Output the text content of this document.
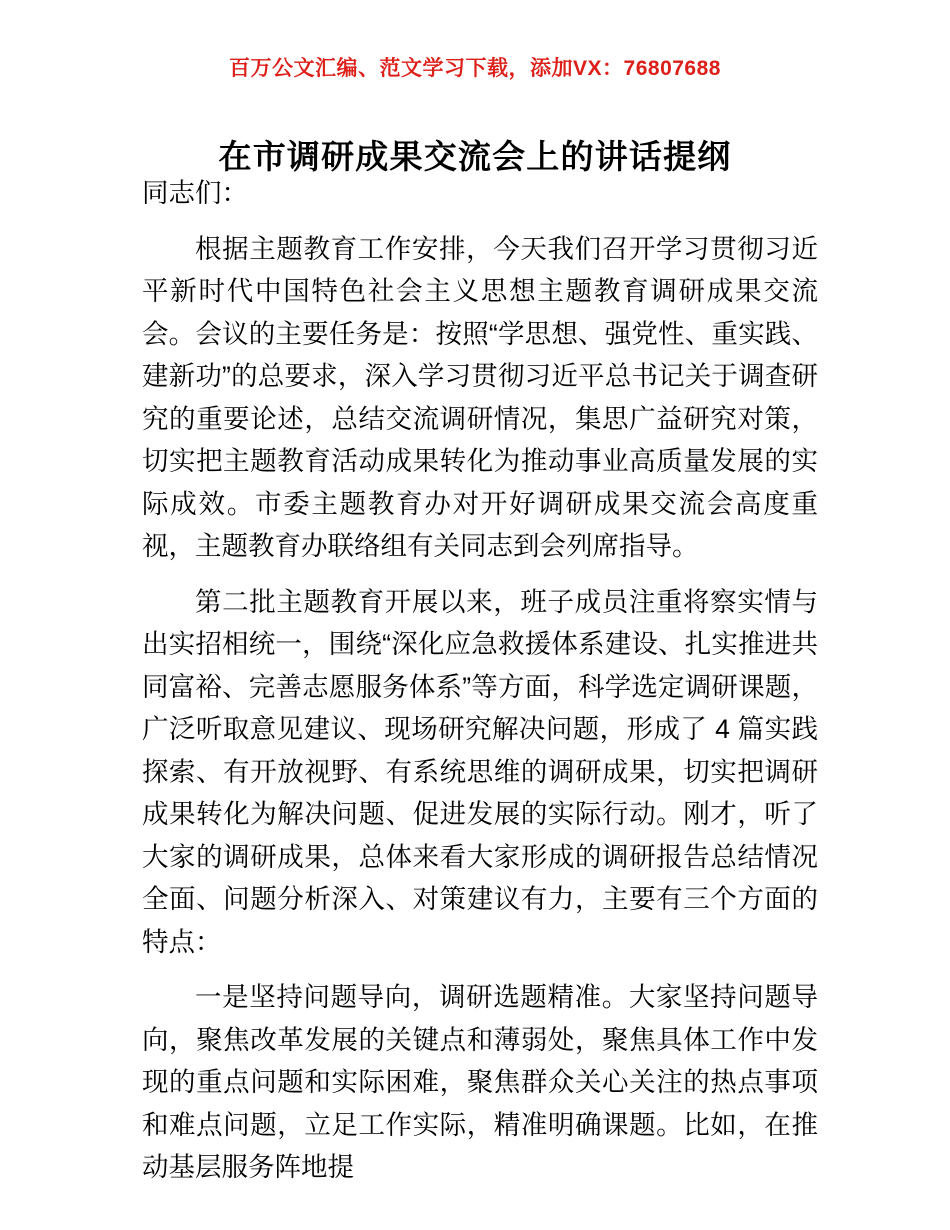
百万公文汇编、范文学习下载，添加VX：76807688
在市调研成果交流会上的讲话提纲

同志们：

根据主题教育工作安排，今天我们召开学习贯彻习近平新时代中国特色社会主义思想主题教育调研成果交流会。会议的主要任务是：按照“学思想、强党性、重实践、建新功”的总要求，深入学习贯彻习近平总书记关于调查研究的重要论述，总结交流调研情况，集思广益研究对策，切实把主题教育活动成果转化为推动事业高质量发展的实际成效。市委主题教育办对开好调研成果交流会高度重视，主题教育办联络组有关同志到会列席指导。

第二批主题教育开展以来，班子成员注重将察实情与出实招相统一，围绕“深化应急救援体系建设、扎实推进共同富裕、完善志愿服务体系”等方面，科学选定调研课题，广泛听取意见建议、现场研究解决问题，形成了 4 篇实践探索、有开放视野、有系统思维的调研成果，切实把调研成果转化为解决问题、促进发展的实际行动。刚才，听了大家的调研成果，总体来看大家形成的调研报告总结情况全面、问题分析深入、对策建议有力，主要有三个方面的特点：

一是坚持问题导向，调研选题精准。大家坚持问题导向，聚焦改革发展的关键点和薄弱处，聚焦具体工作中发现的重点问题和实际困难，聚焦群众关心关注的热点事项和难点问题，立足工作实际，精准明确课题。比如，在推动基层服务阵地提
